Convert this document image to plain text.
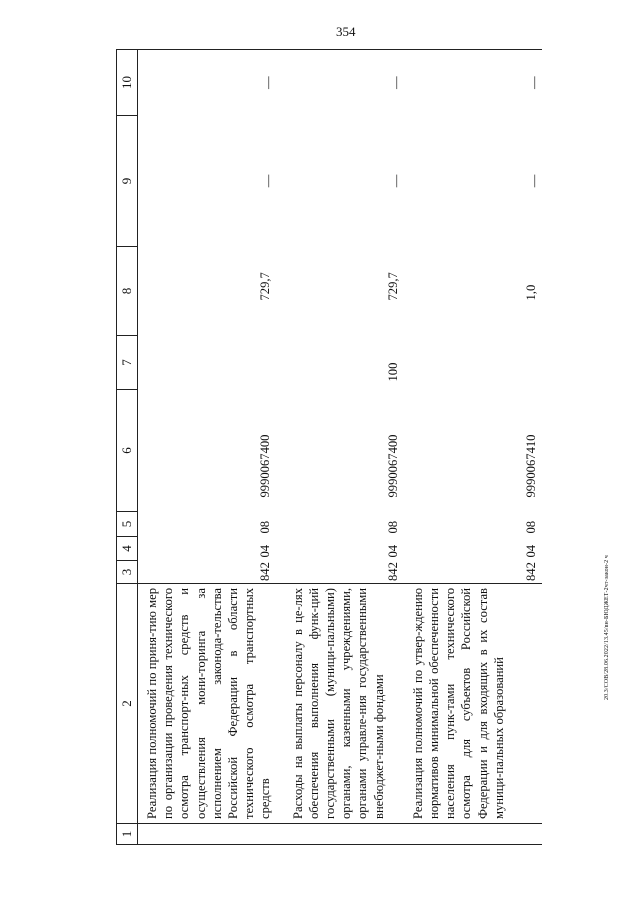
354
20.3/СОВ/28.06.2022/13.45/вн-БЮДЖЕТ-2чт-закон-2 ч
1	2	3	4	5	6	7	8	9	10
	Реализация полномочий по приня-тию мер по организации проведения технического осмотра транспорт-ных средств и осуществления мони-торинга за исполнением законода-тельства Российской Федерации в области технического осмотра транспортных средств	842	04	08	9990067400		729,7	—	—
	Расходы на выплаты персоналу в це-лях обеспечения выполнения функ-ций государственными (муници-пальными) органами, казенными учреждениями, органами управле-ния государственными внебюджет-ными фондами	842	04	08	9990067400	100	729,7	—	—
	Реализация полномочий по утвер-ждению нормативов минимальной обеспеченности населения пунк-тами технического осмотра для субъектов Российской Федерации и для входящих в их состав муници-пальных образований	842	04	08	9990067410		1,0	—	—
